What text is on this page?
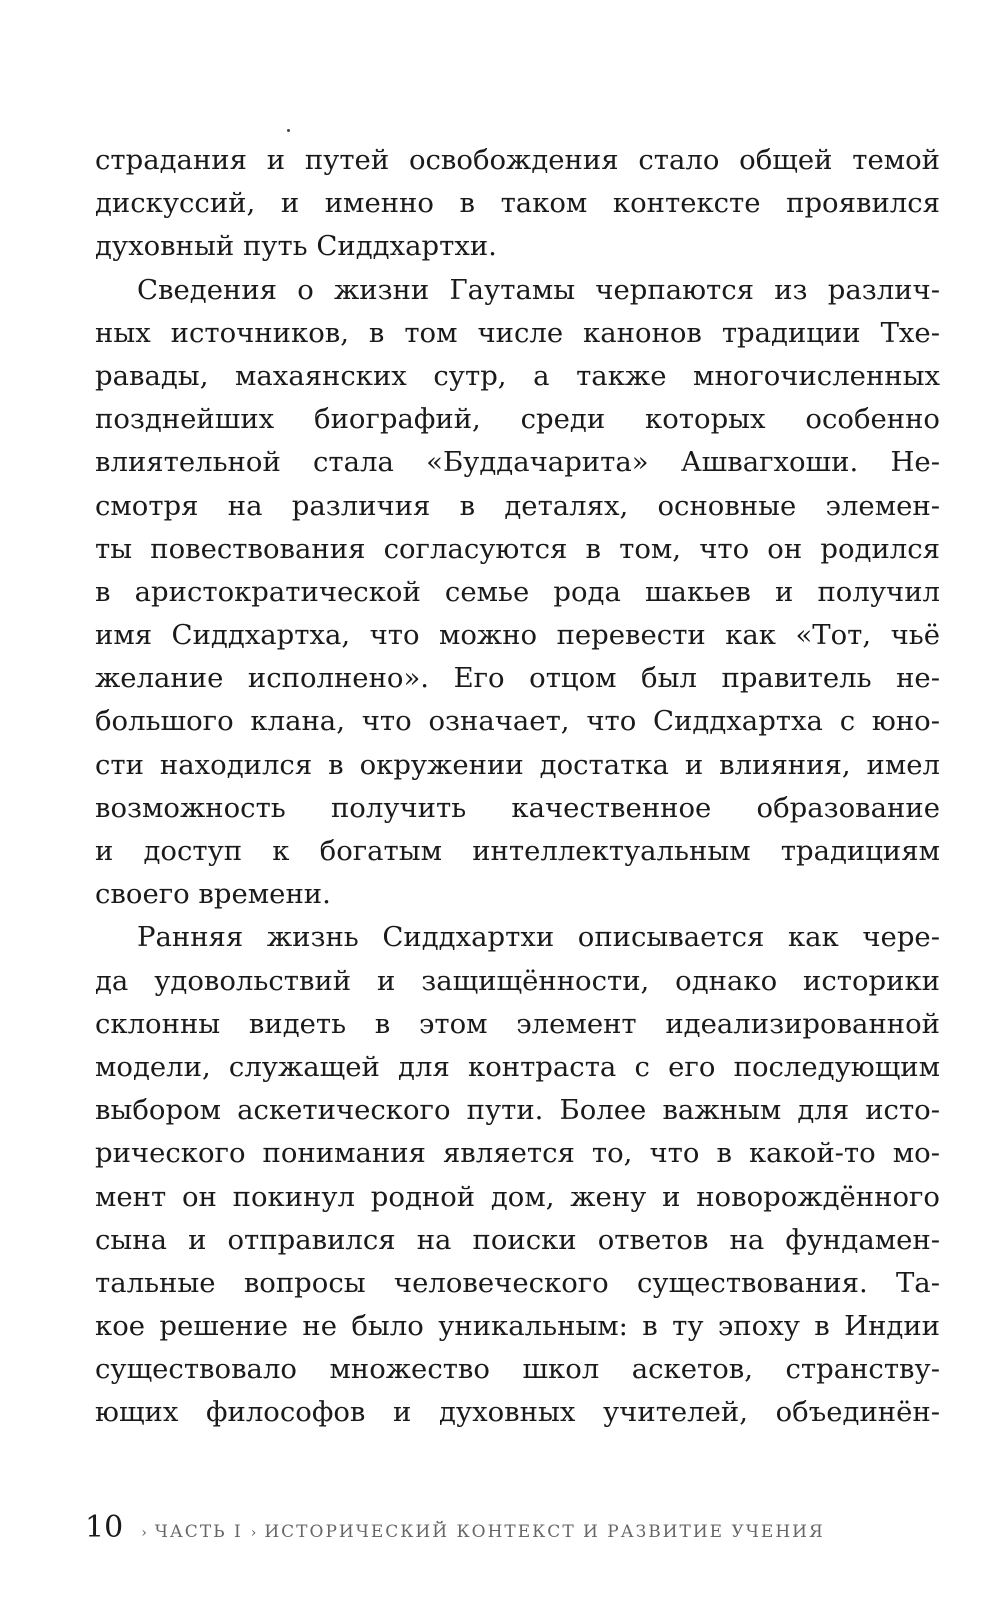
страдания и путей освобождения стало общей темой
дискуссий, и именно в таком контексте проявился
духовный путь Сиддхартхи.
Сведения о жизни Гаутамы черпаются из различ-
ных источников, в том числе канонов традиции Тхе-
равады, махаянских сутр, а также многочисленных
позднейших биографий, среди которых особенно
влиятельной стала «Буддачарита» Ашвагхоши. Не-
смотря на различия в деталях, основные элемен-
ты повествования согласуются в том, что он родился
в аристократической семье рода шакьев и получил
имя Сиддхартха, что можно перевести как «Тот, чьё
желание исполнено». Его отцом был правитель не-
большого клана, что означает, что Сиддхартха с юно-
сти находился в окружении достатка и влияния, имел
возможность получить качественное образование
и доступ к богатым интеллектуальным традициям
своего времени.
Ранняя жизнь Сиддхартхи описывается как чере-
да удовольствий и защищённости, однако историки
склонны видеть в этом элемент идеализированной
модели, служащей для контраста с его последующим
выбором аскетического пути. Более важным для исто-
рического понимания является то, что в какой-то мо-
мент он покинул родной дом, жену и новорождённого
сына и отправился на поиски ответов на фундамен-
тальные вопросы человеческого существования. Та-
кое решение не было уникальным: в ту эпоху в Индии
существовало множество школ аскетов, странству-
ющих философов и духовных учителей, объединён-
10 › ЧАСТЬ I › ИСТОРИЧЕСКИЙ КОНТЕКСТ И РАЗВИТИЕ УЧЕНИЯ
